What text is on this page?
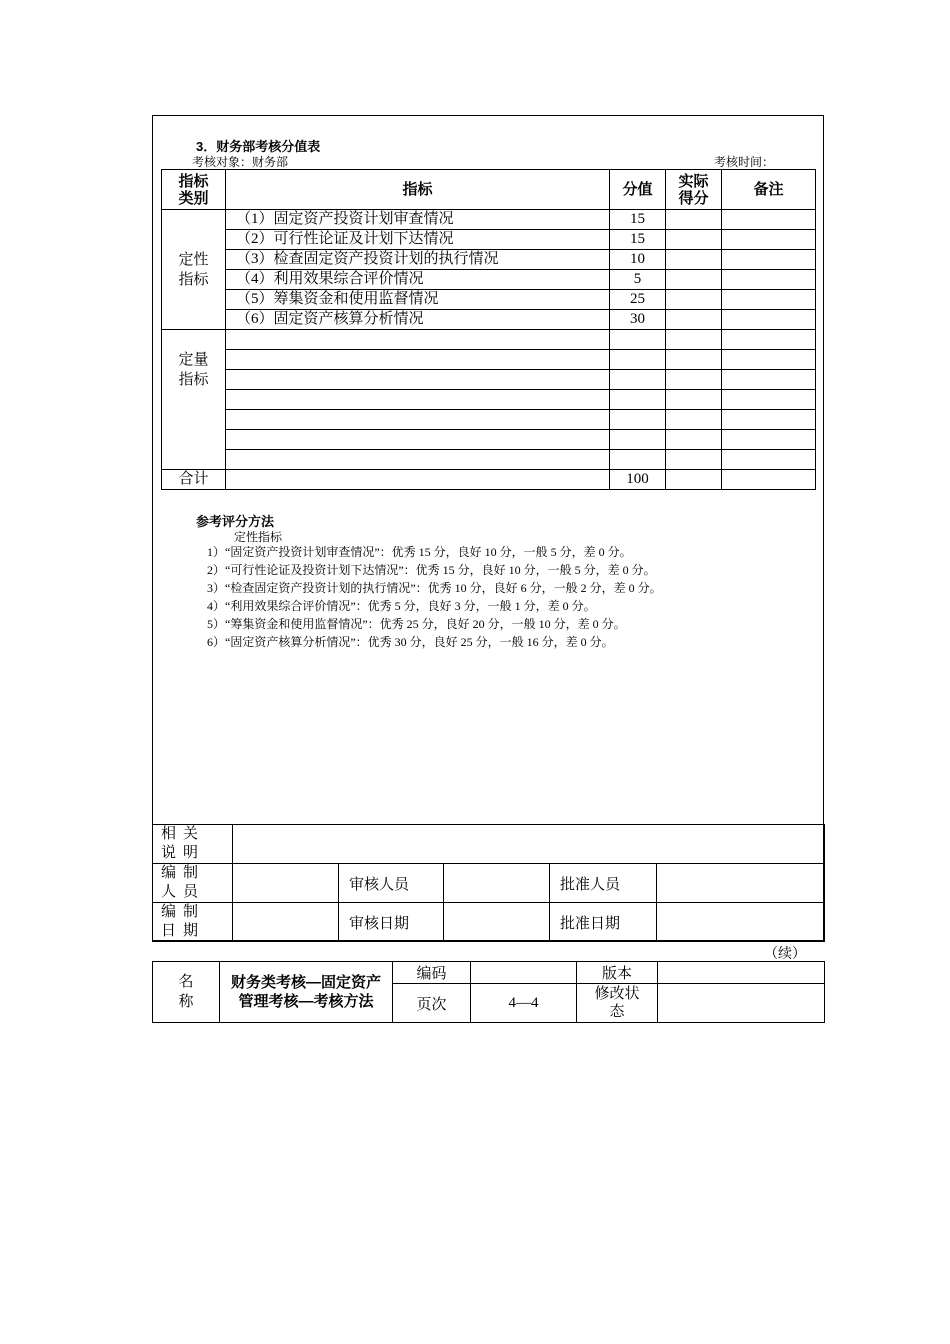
3．财务部考核分值表
考核对象：财务部	考核时间：
指标类别	指标	分值	实际得分	备注

定性指标	（1）固定资产投资计划审查情况	15		
	（2）可行性论证及计划下达情况	15		
	（3）检查固定资产投资计划的执行情况	10		
	（4）利用效果综合评价情况	5		
	（5）筹集资金和使用监督情况	25		
	（6）固定资产核算分析情况	30		

定量指标				

合计		100		
参考评分方法
定性指标
1）“固定资产投资计划审查情况”：优秀 15 分，良好 10 分，一般 5 分，差 0 分。
2）“可行性论证及投资计划下达情况”：优秀 15 分，良好 10 分，一般 5 分，差 0 分。
3）“检查固定资产投资计划的执行情况”：优秀 10 分，良好 6 分，一般 2 分，差 0 分。
4）“利用效果综合评价情况”：优秀 5 分，良好 3 分，一般 1 分，差 0 分。
5）“筹集资金和使用监督情况”：优秀 25 分，良好 20 分，一般 10 分，差 0 分。
6）“固定资产核算分析情况”：优秀 30 分，良好 25 分，一般 16 分，差 0 分。
相关说明					
编制人员		审核人员		批准人员	
编制日期		审核日期		批准日期	
（续）
名称	财务类考核—固定资产管理考核—考核方法	编码		版本	
		页次	4—4	修改状态	
